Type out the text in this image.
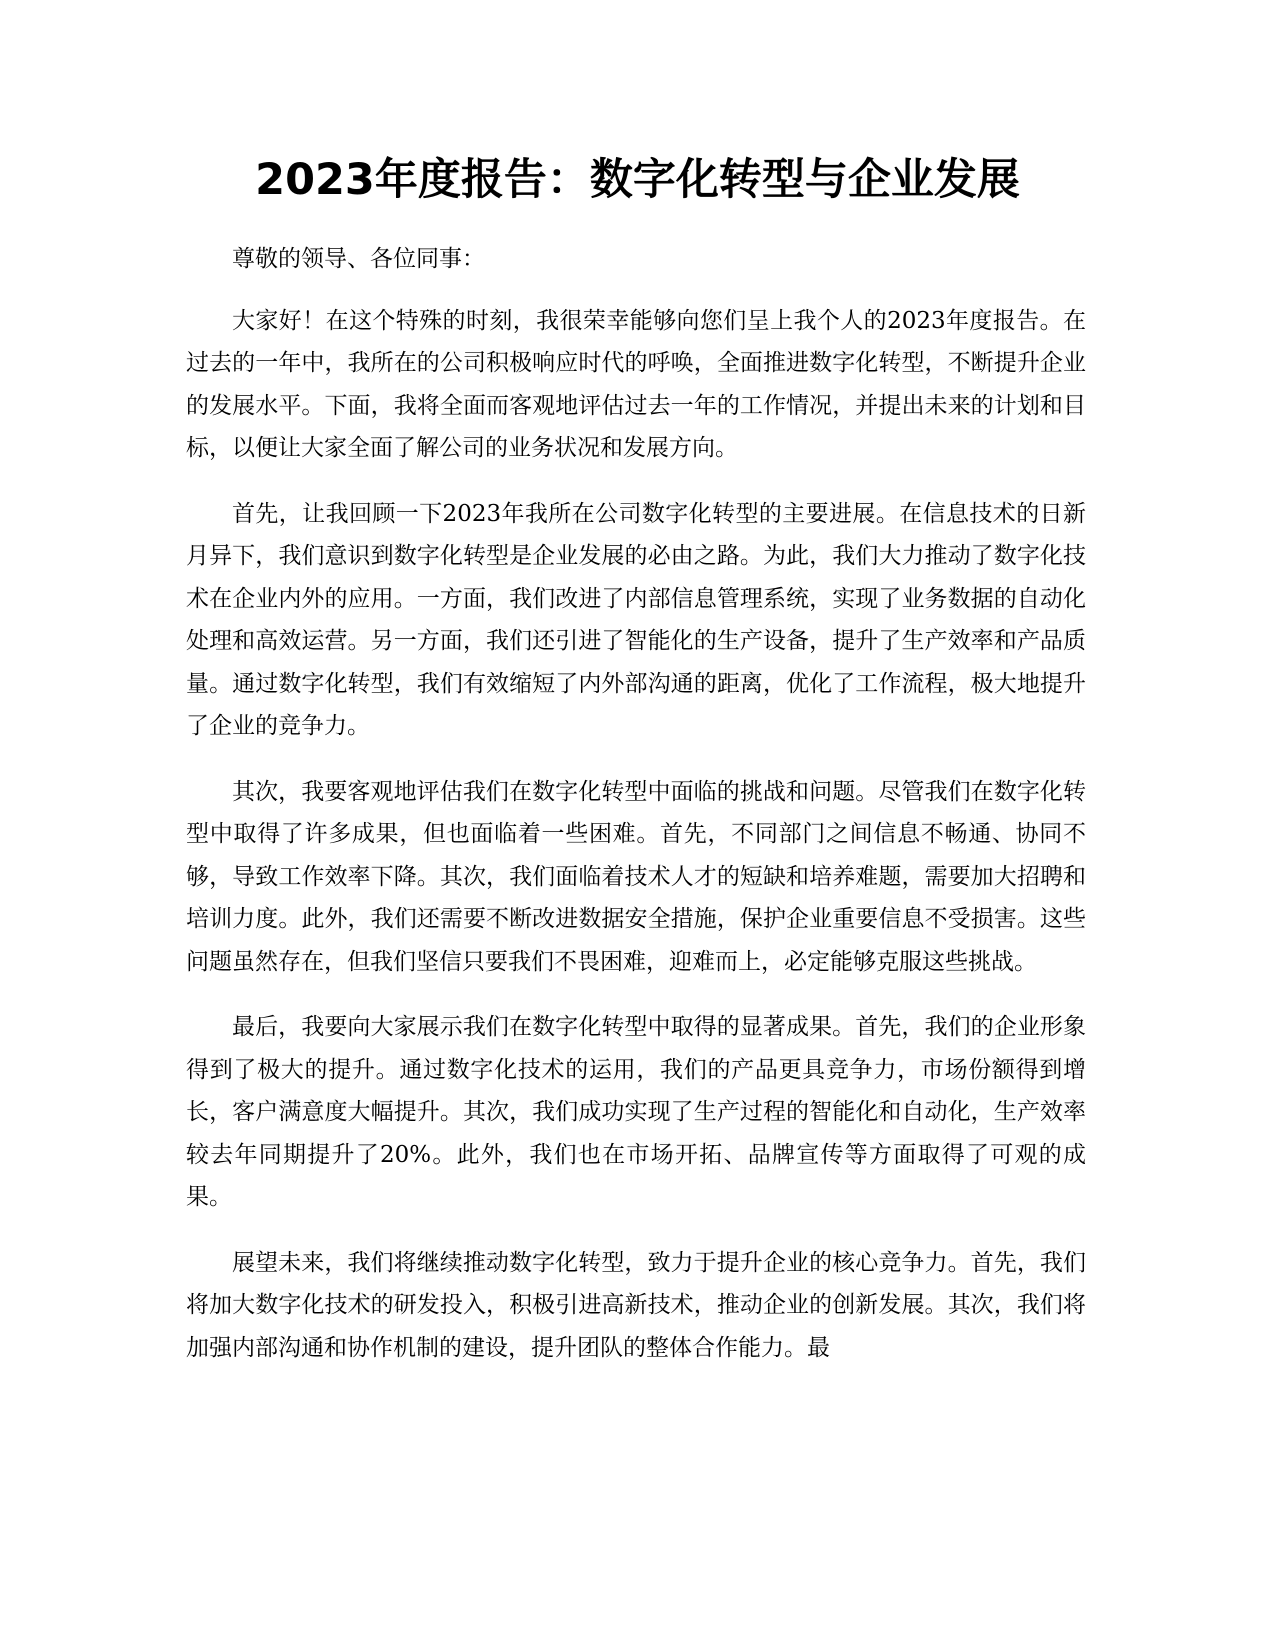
2023年度报告：数字化转型与企业发展

尊敬的领导、各位同事：

大家好！在这个特殊的时刻，我很荣幸能够向您们呈上我个人的2023年度报告。在过去的一年中，我所在的公司积极响应时代的呼唤，全面推进数字化转型，不断提升企业的发展水平。下面，我将全面而客观地评估过去一年的工作情况，并提出未来的计划和目标，以便让大家全面了解公司的业务状况和发展方向。

首先，让我回顾一下2023年我所在公司数字化转型的主要进展。在信息技术的日新月异下，我们意识到数字化转型是企业发展的必由之路。为此，我们大力推动了数字化技术在企业内外的应用。一方面，我们改进了内部信息管理系统，实现了业务数据的自动化处理和高效运营。另一方面，我们还引进了智能化的生产设备，提升了生产效率和产品质量。通过数字化转型，我们有效缩短了内外部沟通的距离，优化了工作流程，极大地提升了企业的竞争力。

其次，我要客观地评估我们在数字化转型中面临的挑战和问题。尽管我们在数字化转型中取得了许多成果，但也面临着一些困难。首先，不同部门之间信息不畅通、协同不够，导致工作效率下降。其次，我们面临着技术人才的短缺和培养难题，需要加大招聘和培训力度。此外，我们还需要不断改进数据安全措施，保护企业重要信息不受损害。这些问题虽然存在，但我们坚信只要我们不畏困难，迎难而上，必定能够克服这些挑战。

最后，我要向大家展示我们在数字化转型中取得的显著成果。首先，我们的企业形象得到了极大的提升。通过数字化技术的运用，我们的产品更具竞争力，市场份额得到增长，客户满意度大幅提升。其次，我们成功实现了生产过程的智能化和自动化，生产效率较去年同期提升了20%。此外，我们也在市场开拓、品牌宣传等方面取得了可观的成果。

展望未来，我们将继续推动数字化转型，致力于提升企业的核心竞争力。首先，我们将加大数字化技术的研发投入，积极引进高新技术，推动企业的创新发展。其次，我们将加强内部沟通和协作机制的建设，提升团队的整体合作能力。最
